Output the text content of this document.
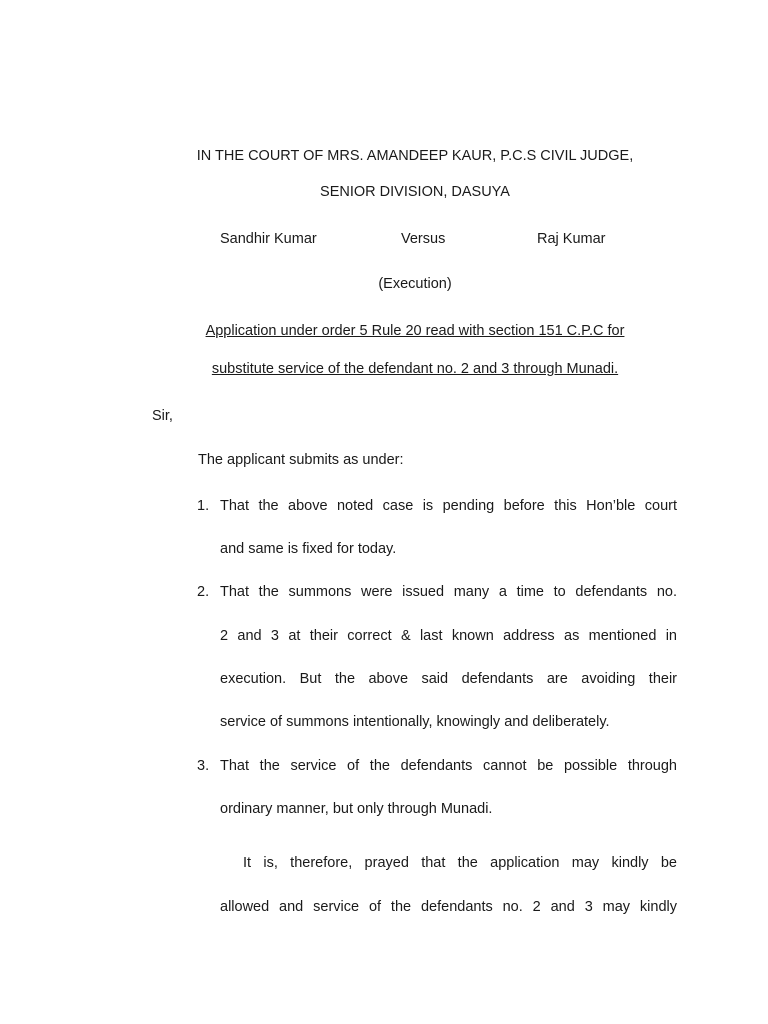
IN THE COURT OF MRS. AMANDEEP KAUR, P.C.S CIVIL JUDGE,
SENIOR DIVISION, DASUYA
Sandhir Kumar	Versus	Raj Kumar
(Execution)
Application under order 5 Rule 20 read with section 151 C.P.C for
substitute service of the defendant no. 2 and 3 through Munadi.
Sir,
The applicant submits as under:
1. That the above noted case is pending before this Hon’ble court
and same is fixed for today.
2. That the summons were issued many a time to defendants no.
2 and 3 at their correct & last known address as mentioned in
execution. But the above said defendants are avoiding their
service of summons intentionally, knowingly and deliberately.
3. That the service of the defendants cannot be possible through
ordinary manner, but only through Munadi.
It is, therefore, prayed that the application may kindly be
allowed and service of the defendants no. 2 and 3 may kindly
